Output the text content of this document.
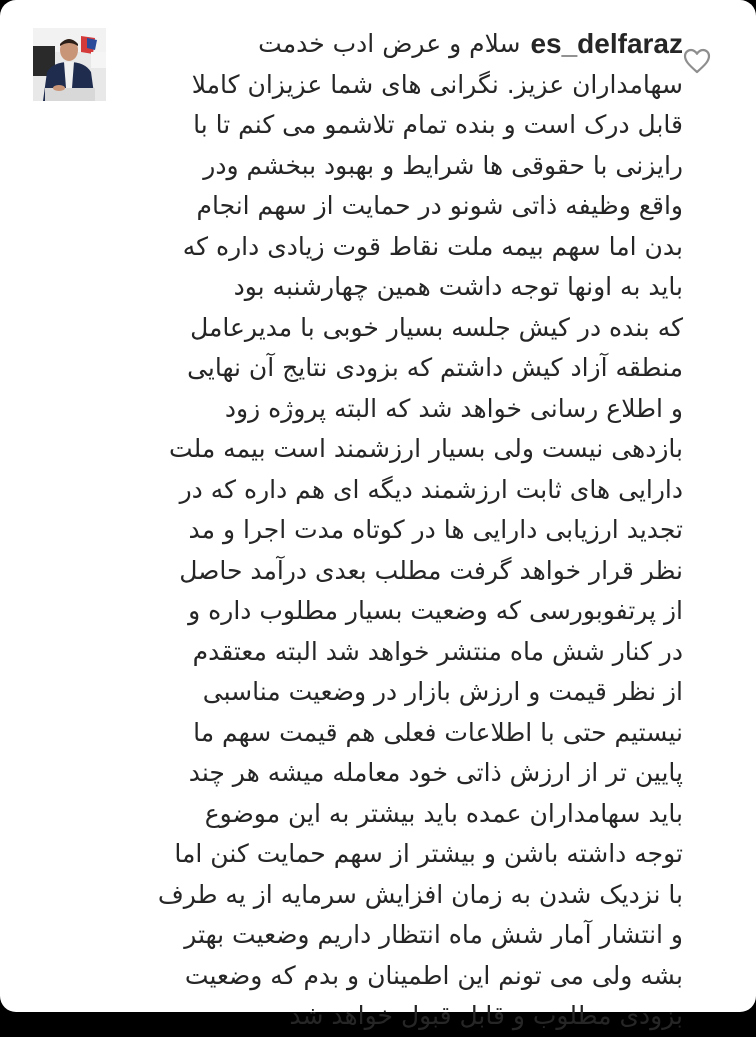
سلام و عرض ادب خدمت es_delfaraz
سهامداران عزیز. نگرانی های شما عزیزان کاملا
قابل درک است و بنده تمام تلاشمو می کنم تا با
رایزنی با حقوقی ها شرایط و بهبود ببخشم ودر
واقع وظیفه ذاتی شونو در حمایت از سهم انجام
بدن اما سهم بیمه ملت نقاط قوت زیادی داره که
باید به اونها توجه داشت همین چهارشنبه بود
که بنده در کیش جلسه بسیار خوبی با مدیرعامل
منطقه آزاد کیش داشتم که بزودی نتایج آن نهایی
و اطلاع رسانی خواهد شد که البته پروژه زود
بازدهی نیست ولی بسیار ارزشمند است بیمه ملت
دارایی های ثابت ارزشمند دیگه ای هم داره که در
تجدید ارزیابی دارایی ها در کوتاه مدت اجرا و مد
نظر قرار خواهد گرفت مطلب بعدی درآمد حاصل
از پرتفوبورسی که وضعیت بسیار مطلوب داره و
در کنار شش ماه منتشر خواهد شد البته معتقدم
از نظر قیمت و ارزش بازار در وضعیت مناسبی
نیستیم حتی با اطلاعات فعلی هم قیمت سهم ما
پایین تر از ارزش ذاتی خود معامله میشه هر چند
باید سهامداران عمده باید بیشتر به این موضوع
توجه داشته باشن و بیشتر از سهم حمایت کنن اما
با نزدیک شدن به زمان افزایش سرمایه از یه طرف
و انتشار آمار شش ماه انتظار داریم وضعیت بهتر
بشه ولی می تونم این اطمینان و بدم که وضعیت
بزودی مطلوب و قابل قبول خواهد شد
